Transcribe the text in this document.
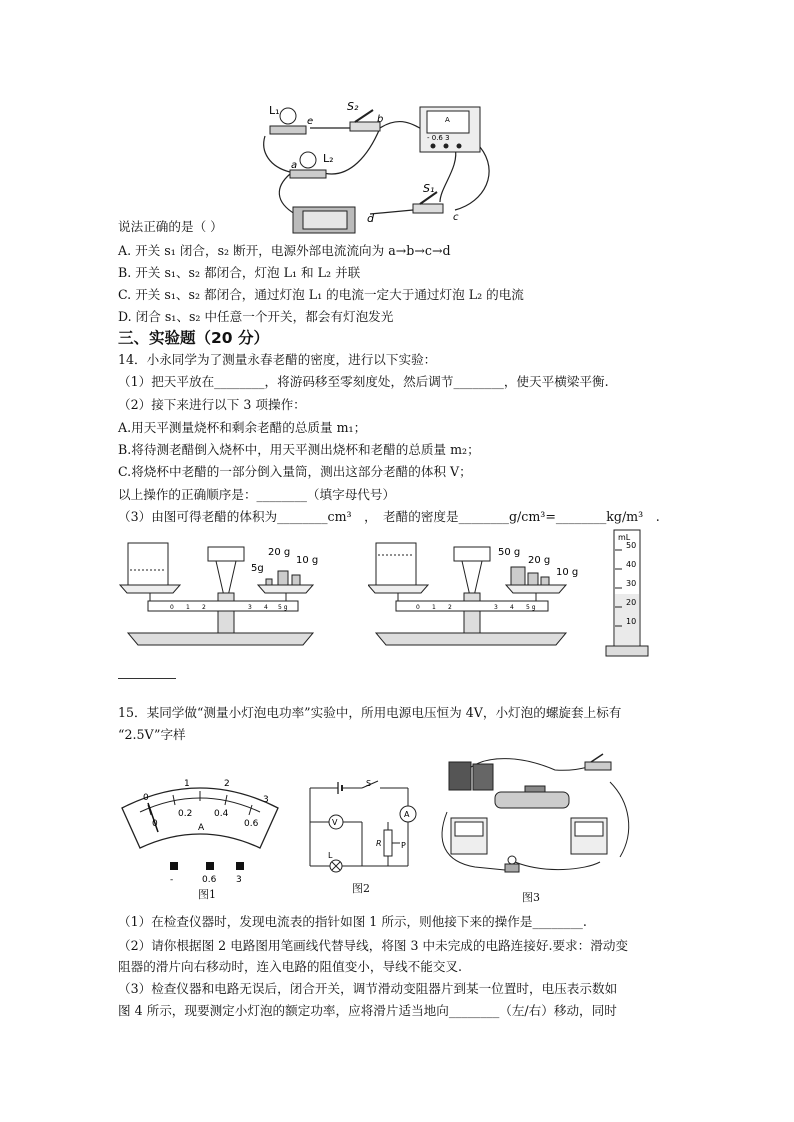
L₁
e
S₂
b	A
- 0.6 3
a
L₂
S₁
c
d
说法正确的是（ ）
A. 开关 s₁ 闭合，s₂ 断开，电源外部电流流向为 a→b→c→d
B. 开关 s₁、s₂ 都闭合，灯泡 L₁ 和 L₂ 并联
C. 开关 s₁、s₂ 都闭合，通过灯泡 L₁ 的电流一定大于通过灯泡 L₂ 的电流
D. 闭合 s₁、s₂ 中任意一个开关，都会有灯泡发光
三、实验题（20 分）
14．小永同学为了测量永春老醋的密度，进行以下实验：
（1）把天平放在________，将游码移至零刻度处，然后调节________，使天平横梁平衡.
（2）接下来进行以下 3 项操作：
A.用天平测量烧杯和剩余老醋的总质量 m₁；
B.将待测老醋倒入烧杯中，用天平测出烧杯和老醋的总质量 m₂；
C.将烧杯中老醋的一部分倒入量筒，测出这部分老醋的体积 V；
以上操作的正确顺序是：________（填字母代号）
（3）由图可得老醋的体积为________cm³　，　老醋的密度是________g/cm³=________kg/m³　.
0 1 2	3 4 5 g
20 g
10 g
5g
0 1 2	3 4 5 g
50 g
20 g
10 g
mL
50
40
30
20
10
15．某同学做“测量小灯泡电功率”实验中，所用电源电压恒为 4V，小灯泡的螺旋套上标有
“2.5V”字样
0
1	2
3
0
0.2 0.4
0.6
A
-	0.6 3
图1
S
V
A
R
L
P
图2
图3
（1）在检查仪器时，发现电流表的指针如图 1 所示，则他接下来的操作是________.
（2）请你根据图 2 电路图用笔画线代替导线，将图 3 中未完成的电路连接好.要求：滑动变
阻器的滑片向右移动时，连入电路的阻值变小，导线不能交叉.
（3）检查仪器和电路无误后，闭合开关，调节滑动变阻器片到某一位置时，电压表示数如
图 4 所示，现要测定小灯泡的额定功率，应将滑片适当地向________（左/右）移动，同时
